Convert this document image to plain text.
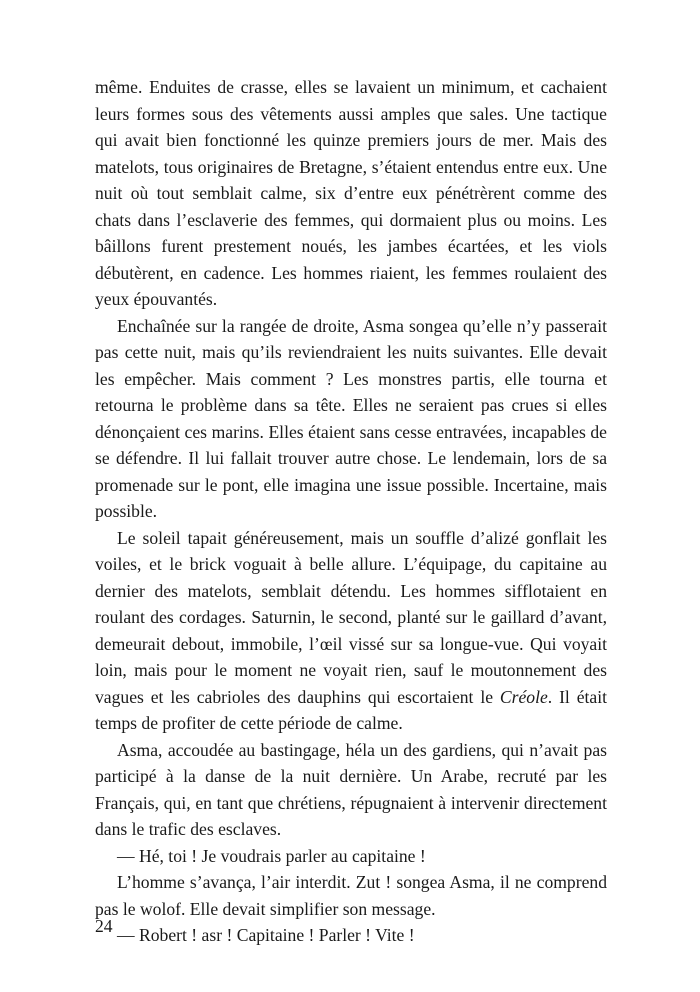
même. Enduites de crasse, elles se lavaient un minimum, et cachaient leurs formes sous des vêtements aussi amples que sales. Une tactique qui avait bien fonctionné les quinze premiers jours de mer. Mais des matelots, tous originaires de Bretagne, s’étaient entendus entre eux. Une nuit où tout semblait calme, six d’entre eux pénétrèrent comme des chats dans l’esclaverie des femmes, qui dormaient plus ou moins. Les bâillons furent prestement noués, les jambes écartées, et les viols débutèrent, en cadence. Les hommes riaient, les femmes roulaient des yeux épouvantés.

Enchaînée sur la rangée de droite, Asma songea qu’elle n’y passerait pas cette nuit, mais qu’ils reviendraient les nuits suivantes. Elle devait les empêcher. Mais comment ? Les monstres partis, elle tourna et retourna le problème dans sa tête. Elles ne seraient pas crues si elles dénonçaient ces marins. Elles étaient sans cesse entravées, incapables de se défendre. Il lui fallait trouver autre chose. Le lendemain, lors de sa promenade sur le pont, elle imagina une issue possible. Incertaine, mais possible.

Le soleil tapait généreusement, mais un souffle d’alizé gonflait les voiles, et le brick voguait à belle allure. L’équipage, du capitaine au dernier des matelots, semblait détendu. Les hommes sifflotaient en roulant des cordages. Saturnin, le second, planté sur le gaillard d’avant, demeurait debout, immobile, l’œil vissé sur sa longue-vue. Qui voyait loin, mais pour le moment ne voyait rien, sauf le moutonnement des vagues et les cabrioles des dauphins qui escortaient le Créole. Il était temps de profiter de cette période de calme.

Asma, accoudée au bastingage, héla un des gardiens, qui n’avait pas participé à la danse de la nuit dernière. Un Arabe, recruté par les Français, qui, en tant que chrétiens, répugnaient à intervenir directement dans le trafic des esclaves.

— Hé, toi ! Je voudrais parler au capitaine !

L’homme s’avança, l’air interdit. Zut ! songea Asma, il ne comprend pas le wolof. Elle devait simplifier son message.

— Robert ! asr ! Capitaine ! Parler ! Vite !

24
